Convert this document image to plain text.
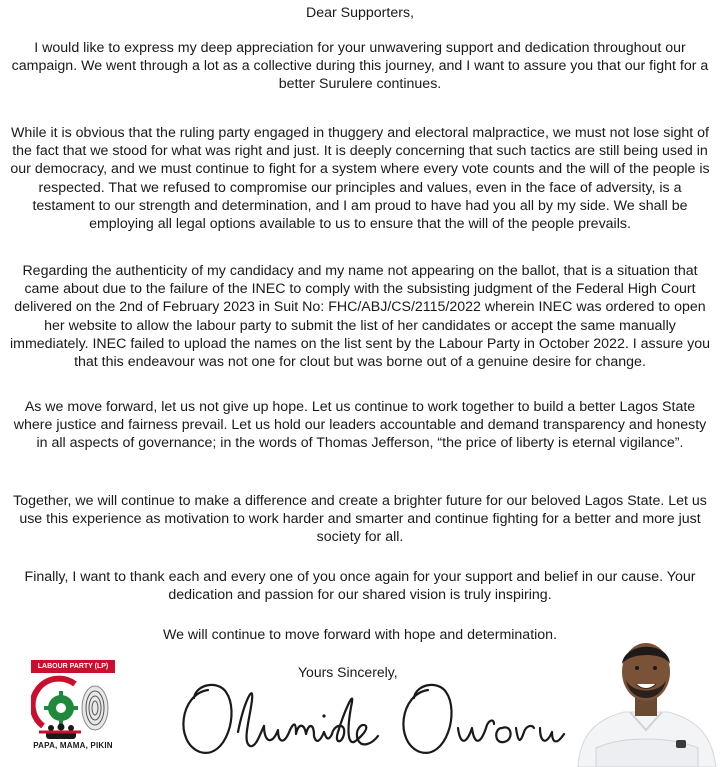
Dear Supporters,

I would like to express my deep appreciation for your unwavering support and dedication throughout our campaign. We went through a lot as a collective during this journey, and I want to assure you that our fight for a better Surulere continues.

While it is obvious that the ruling party engaged in thuggery and electoral malpractice, we must not lose sight of the fact that we stood for what was right and just. It is deeply concerning that such tactics are still being used in our democracy, and we must continue to fight for a system where every vote counts and the will of the people is respected. That we refused to compromise our principles and values, even in the face of adversity, is a testament to our strength and determination, and I am proud to have had you all by my side. We shall be employing all legal options available to us to ensure that the will of the people prevails.

Regarding the authenticity of my candidacy and my name not appearing on the ballot, that is a situation that came about due to the failure of the INEC to comply with the subsisting judgment of the Federal High Court delivered on the 2nd of February 2023 in Suit No: FHC/ABJ/CS/2115/2022 wherein INEC was ordered to open her website to allow the labour party to submit the list of her candidates or accept the same manually immediately. INEC failed to upload the names on the list sent by the Labour Party in October 2022. I assure you that this endeavour was not one for clout but was borne out of a genuine desire for change.

As we move forward, let us not give up hope. Let us continue to work together to build a better Lagos State where justice and fairness prevail. Let us hold our leaders accountable and demand transparency and honesty in all aspects of governance; in the words of Thomas Jefferson, “the price of liberty is eternal vigilance”.

Together, we will continue to make a difference and create a brighter future for our beloved Lagos State. Let us use this experience as motivation to work harder and smarter and continue fighting for a better and more just society for all.

Finally, I want to thank each and every one of you once again for your support and belief in our cause. Your dedication and passion for our shared vision is truly inspiring.

We will continue to move forward with hope and determination.

Yours Sincerely,
LABOUR PARTY (LP)
PAPA, MAMA, PIKIN
